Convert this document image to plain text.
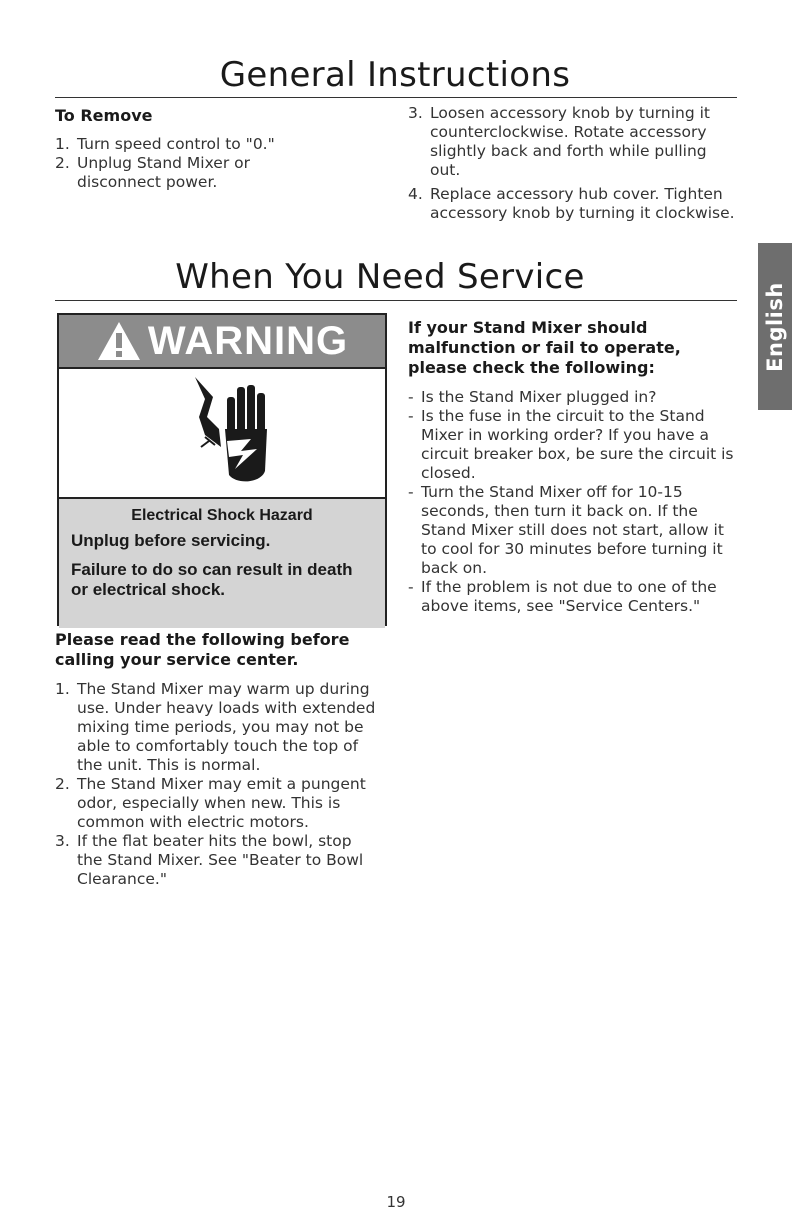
General Instructions
To Remove
1. Turn speed control to "0."
2. Unplug Stand Mixer or disconnect power.
3. Loosen accessory knob by turning it counterclockwise. Rotate accessory slightly back and forth while pulling out.
4. Replace accessory hub cover. Tighten accessory knob by turning it clockwise.
When You Need Service
WARNING
Electrical Shock Hazard
Unplug before servicing.
Failure to do so can result in death or electrical shock.
Please read the following before calling your service center.
1. The Stand Mixer may warm up during use. Under heavy loads with extended mixing time periods, you may not be able to comfortably touch the top of the unit. This is normal.
2. The Stand Mixer may emit a pungent odor, especially when new. This is common with electric motors.
3. If the flat beater hits the bowl, stop the Stand Mixer. See "Beater to Bowl Clearance."
If your Stand Mixer should malfunction or fail to operate, please check the following:
- Is the Stand Mixer plugged in?
- Is the fuse in the circuit to the Stand Mixer in working order? If you have a circuit breaker box, be sure the circuit is closed.
- Turn the Stand Mixer off for 10-15 seconds, then turn it back on. If the Stand Mixer still does not start, allow it to cool for 30 minutes before turning it back on.
- If the problem is not due to one of the above items, see "Service Centers."
English
19
